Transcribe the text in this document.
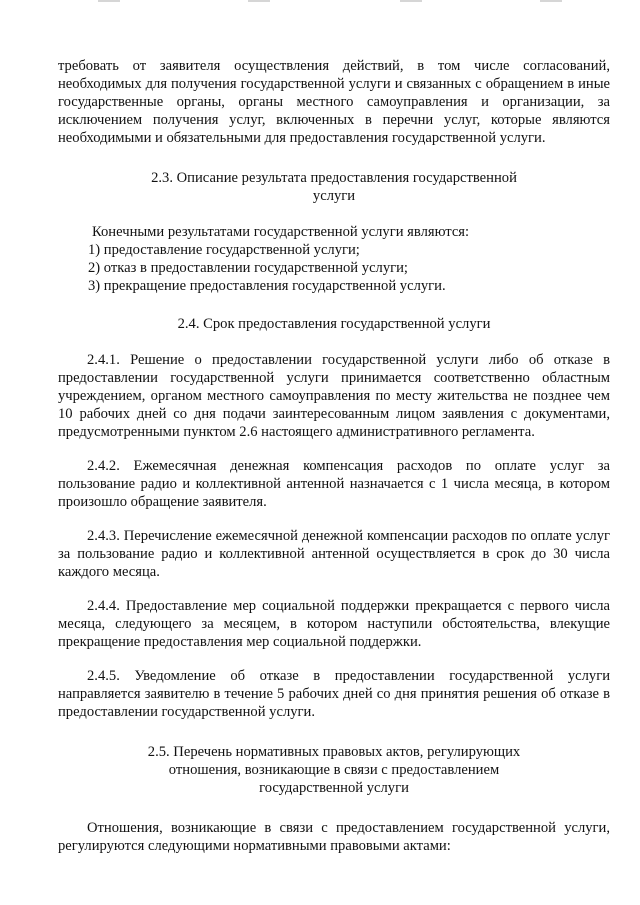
требовать от заявителя осуществления действий, в том числе согласований, необходимых для получения государственной услуги и связанных с обращением в иные государственные органы, органы местного самоуправления и организации, за исключением получения услуг, включенных в перечни услуг, которые являются необходимыми и обязательными для предоставления государственной услуги.

2.3. Описание результата предоставления государственной
услуги

Конечными результатами государственной услуги являются:

1) предоставление государственной услуги;

2) отказ в предоставлении государственной услуги;

3) прекращение предоставления государственной услуги.

2.4. Срок предоставления государственной услуги

2.4.1. Решение о предоставлении государственной услуги либо об отказе в предоставлении государственной услуги принимается соответственно областным учреждением, органом местного самоуправления по месту жительства не позднее чем 10 рабочих дней со дня подачи заинтересованным лицом заявления с документами, предусмотренными пунктом 2.6 настоящего административного регламента.

2.4.2. Ежемесячная денежная компенсация расходов по оплате услуг за пользование радио и коллективной антенной назначается с 1 числа месяца, в котором произошло обращение заявителя.

2.4.3. Перечисление ежемесячной денежной компенсации расходов по оплате услуг за пользование радио и коллективной антенной осуществляется в срок до 30 числа каждого месяца.

2.4.4. Предоставление мер социальной поддержки прекращается с первого числа месяца, следующего за месяцем, в котором наступили обстоятельства, влекущие прекращение предоставления мер социальной поддержки.

2.4.5. Уведомление об отказе в предоставлении государственной услуги направляется заявителю в течение 5 рабочих дней со дня принятия решения об отказе в предоставлении государственной услуги.

2.5. Перечень нормативных правовых актов, регулирующих
отношения, возникающие в связи с предоставлением
государственной услуги

Отношения, возникающие в связи с предоставлением государственной услуги, регулируются следующими нормативными правовыми актами:
